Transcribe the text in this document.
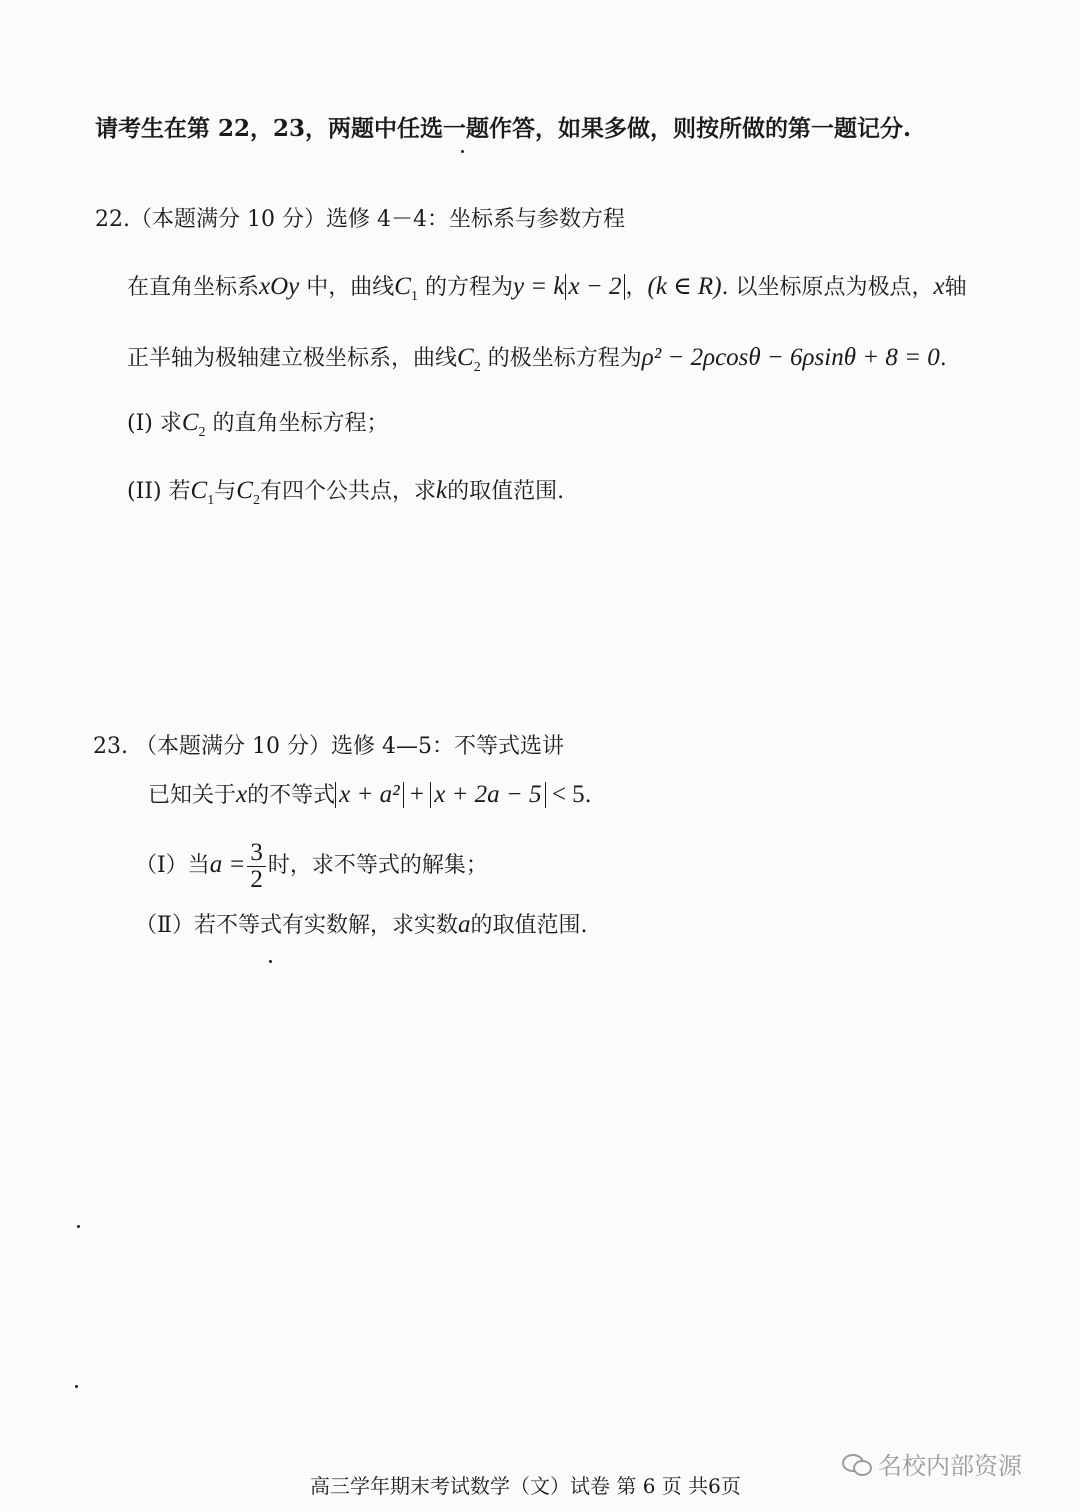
请考生在第 22，23，两题中任选一题作答，如果多做，则按所做的第一题记分.
22.（本题满分 10 分）选修 4－4：坐标系与参数方程
在直角坐标系xOy 中，曲线$C_1$ 的方程为y = k x − 2 ，(k ∈ R). 以坐标原点为极点，x轴
正半轴为极轴建立极坐标系，曲线$C_2$ 的极坐标方程为ρ² − 2ρcosθ − 6ρsinθ + 8 = 0.
(I) 求$C_2$ 的直角坐标方程；
(II) 若$C_1$与$C_2$有四个公共点，求k的取值范围.
23. （本题满分 10 分）选修 4—5：不等式选讲
已知关于x的不等式 x + a² + x + 2a − 5 < 5.
（Ⅰ）当$a = \frac{3}{2}$ 时，求不等式的解集；
（Ⅱ）若不等式有实数解，求实数a的取值范围.
高三学年期末考试数学（文）试卷 第 6 页 共6页
名校内部资源
